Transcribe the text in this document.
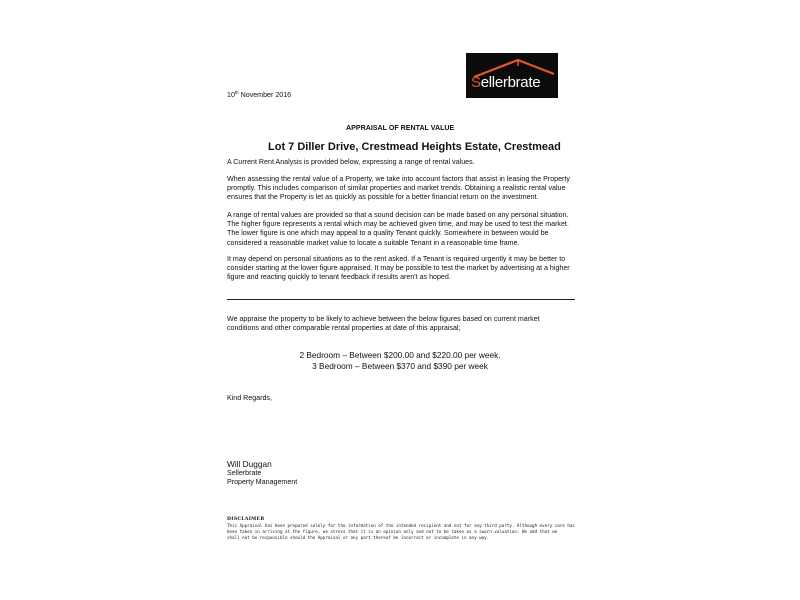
Sellerbrate
10th November 2016
APPRAISAL OF RENTAL VALUE
Lot 7 Diller Drive, Crestmead Heights Estate, Crestmead
A Current Rent Analysis is provided below, expressing a range of rental values.
When assessing the rental value of a Property, we take into account factors that assist in leasing the Property
promptly. This includes comparison of similar properties and market trends. Obtaining a realistic rental value
ensures that the Property is let as quickly as possible for a better financial return on the investment.
A range of rental values are provided so that a sound decision can be made based on any personal situation.
The higher figure represents a rental which may be achieved given time, and may be used to test the market.
The lower figure is one which may appeal to a quality Tenant quickly. Somewhere in between would be
considered a reasonable market value to locate a suitable Tenant in a reasonable time frame.
It may depend on personal situations as to the rent asked. If a Tenant is required urgently it may be better to
consider starting at the lower figure appraised. It may be possible to test the market by advertising at a higher
figure and reacting quickly to tenant feedback if results aren't as hoped.
We appraise the property to be likely to achieve between the below figures based on current market
conditions and other comparable rental properties at date of this appraisal;
2 Bedroom – Between $200.00 and $220.00 per week.
3 Bedroom – Between $370 and $390 per week
Kind Regards,
Will Duggan
Sellerbrate
Property Management
DISCLAIMER
This Appraisal has been prepared solely for the information of the intended recipient and not for any third party. Although every care has
been taken in arriving at the figure, we stress that it is an opinion only and not to be taken as a sworn valuation. We add that we
shall not be responsible should the Appraisal or any part thereof be incorrect or incomplete in any way.
